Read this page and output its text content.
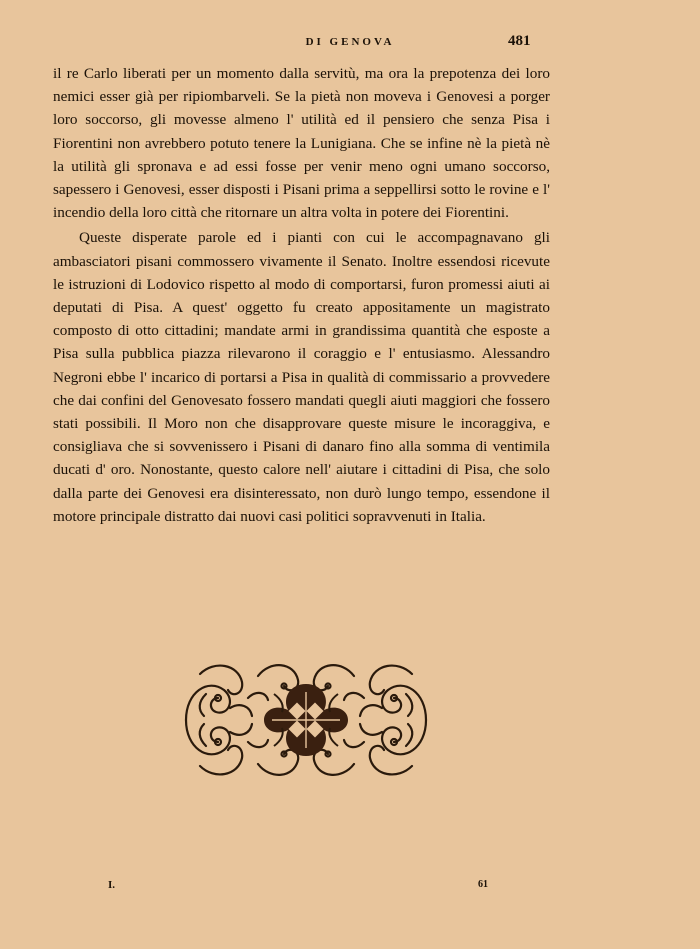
DI GENOVA	481

il re Carlo liberati per un momento dalla servitù, ma ora la prepotenza dei loro nemici esser già per ripiombarveli. Se la pietà non moveva i Genovesi a porger loro soccorso, gli movesse almeno l' utilità ed il pensiero che senza Pisa i Fiorentini non avrebbero potuto tenere la Lunigiana. Che se infine nè la pietà nè la utilità gli spronava e ad essi fosse per venir meno ogni umano soccorso, sapessero i Genovesi, esser disposti i Pisani prima a seppellirsi sotto le rovine e l' incendio della loro città che ritornare un altra volta in potere dei Fiorentini.

Queste disperate parole ed i pianti con cui le accompagnavano gli ambasciatori pisani commossero vivamente il Senato. Inoltre essendosi ricevute le istruzioni di Lodovico rispetto al modo di comportarsi, furon promessi aiuti ai deputati di Pisa. A quest' oggetto fu creato appositamente un magistrato composto di otto cittadini; mandate armi in grandissima quantità che esposte a Pisa sulla pubblica piazza rilevarono il coraggio e l' entusiasmo. Alessandro Negroni ebbe l' incarico di portarsi a Pisa in qualità di commissario a provvedere che dai confini del Genovesato fossero mandati quegli aiuti maggiori che fossero stati possibili. Il Moro non che disapprovare queste misure le incoraggiva, e consigliava che si sovvenissero i Pisani di danaro fino alla somma di ventimila ducati d' oro. Nonostante, questo calore nell' aiutare i cittadini di Pisa, che solo dalla parte dei Genovesi era disinteressato, non durò lungo tempo, essendone il motore principale distratto dai nuovi casi politici sopravvenuti in Italia.

I.	61
